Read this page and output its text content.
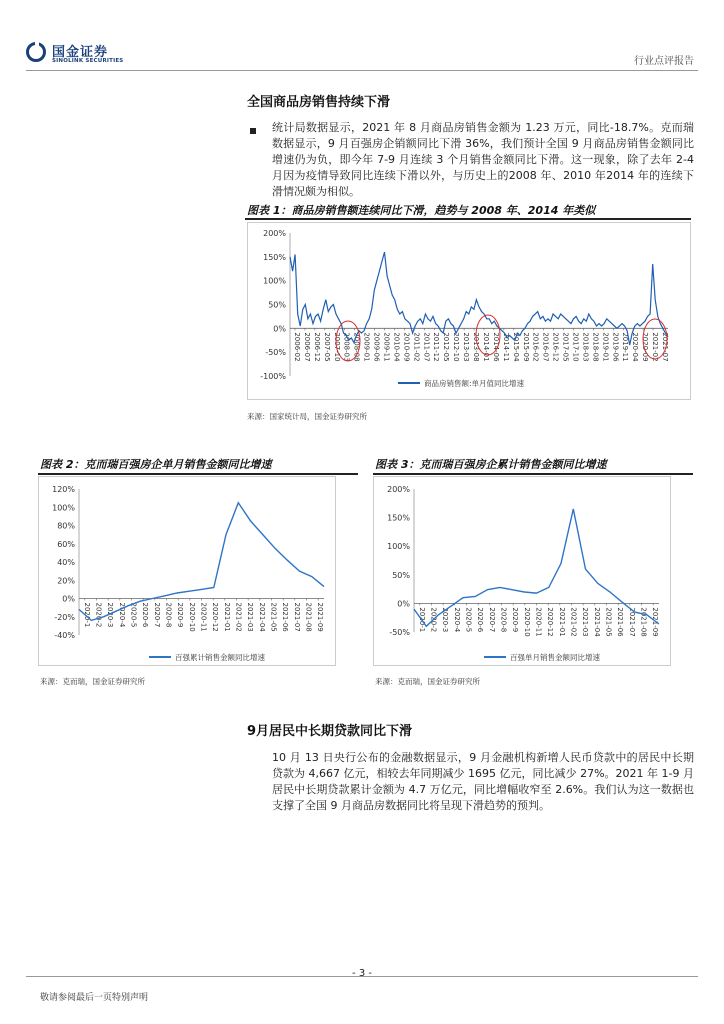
国金证券
SINOLINK SECURITIES	行业点评报告
全国商品房销售持续下滑
统计局数据显示，2021 年 8 月商品房销售金额为 1.23 万元，同比-18.7%。克而瑞数据显示，9 月百强房企销额同比下滑 36%，我们预计全国 9 月商品房销售金额同比增速仍为负，即今年 7-9 月连续 3 个月销售金额同比下滑。这一现象，除了去年 2-4 月因为疫情导致同比连续下滑以外，与历史上的2008 年、2010 年2014 年的连续下滑情况颇为相似。
图表 1：商品房销售额连续同比下滑，趋势与 2008 年、2014 年类似
200%
150%
100%
50%
0%
-50%
-100%
2006-02 2006-07 2006-12 2007-05 2007-10 2008-03 2008-08 2009-01 2009-06 2009-11 2010-04 2010-09 2011-02 2011-07 2011-12 2012-05 2012-10 2013-03 2013-08 2014-01 2014-06 2014-11 2015-04 2015-09 2016-02 2016-07 2016-12 2017-05 2017-10 2018-03 2018-08 2019-01 2019-06 2019-11 2020-04 2020-09 2021-02 2021-07
商品房销售额:单月值同比增速
来源：国家统计局，国金证券研究所
图表 2：克而瑞百强房企单月销售金额同比增速
120%
100%
80%
60%
40%
20%
0%
-20%
-40%
2020-1 2020-2 2020-3 2020-4 2020-5 2020-6 2020-7 2020-8 2020-9 2020-10 2020-11 2020-12 2021-01 2021-02 2021-03 2021-04 2021-05 2021-06 2021-07 2021-08 2021-09
百强累计销售金额同比增速
来源：克而瑞，国金证券研究所
图表 3：克而瑞百强房企累计销售金额同比增速
200%
150%
100%
50%
0%
-50%
2020-1 2020-2 2020-3 2020-4 2020-5 2020-6 2020-7 2020-8 2020-9 2020-10 2020-11 2020-12 2021-01 2021-02 2021-03 2021-04 2021-05 2021-06 2021-07 2021-08 2021-09
百强单月销售金额同比增速
来源：克而瑞，国金证券研究所
9月居民中长期贷款同比下滑
10 月 13 日央行公布的金融数据显示，9 月金融机构新增人民币贷款中的居民中长期贷款为 4,667 亿元，相较去年同期减少 1695 亿元，同比减少 27%。2021 年 1-9 月居民中长期贷款累计金额为 4.7 万亿元，同比增幅收窄至 2.6%。我们认为这一数据也支撑了全国 9 月商品房数据同比将呈现下滑趋势的预判。
- 3 -
敬请参阅最后一页特别声明
